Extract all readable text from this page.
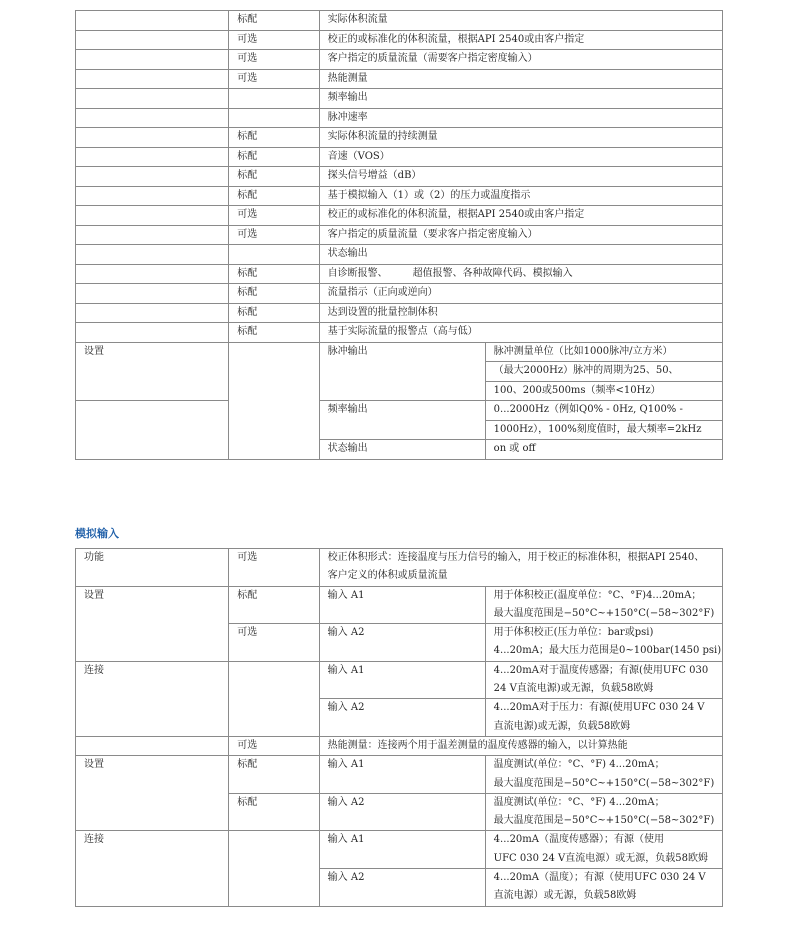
	标配	实际体积流量	
	可选	校正的或标准化的体积流量，根据API 2540或由客户指定	
	可选	客户指定的质量流量（需要客户指定密度输入）	
	可选	热能测量	
		频率输出	
		脉冲速率	
	标配	实际体积流量的持续测量	
	标配	音速（VOS）	
	标配	探头信号增益（dB）	
	标配	基于模拟输入（1）或（2）的压力或温度指示	
	可选	校正的或标准化的体积流量，根据API 2540或由客户指定	
	可选	客户指定的质量流量（要求客户指定密度输入）	
		状态输出	
	标配	自诊断报警、　　　超值报警、各种故障代码、模拟输入	
	标配	流量指示（正向或逆向）	
	标配	达到设置的批量控制体积	
	标配	基于实际流量的报警点（高与低）	
设置		脉冲输出	脉冲测量单位（比如1000脉冲/立方米）
			（最大2000Hz）脉冲的周期为25、50、
			100、200或500ms（频率<10Hz）
		频率输出	0...2000Hz（例如Q0% - 0Hz, Q100% -
			1000Hz），100%刻度值时，最大频率=2kHz
		状态输出	on 或 off
模拟输入
功能	可选	校正体积形式：连接温度与压力信号的输入，用于校正的标准体积，根据API 2540、
客户定义的体积或质量流量	

设置	标配	输入 A1	用于体积校正(温度单位：°C、°F)4...20mA；
最大温度范围是−50°C~+150°C(−58~302°F)

	可选	输入 A2	用于体积校正(压力单位：bar或psi)
4...20mA；最大压力范围是0~100bar(1450 psi)

连接		输入 A1	4...20mA对于温度传感器；有源(使用UFC 030
24 V直流电源)或无源，负载58欧姆

		输入 A2	4...20mA对于压力：有源(使用UFC 030 24 V
直流电源)或无源，负载58欧姆

	可选	热能测量：连接两个用于温差测量的温度传感器的输入，以计算热能	
设置	标配	输入 A1	温度测试(单位：°C、°F) 4...20mA；
最大温度范围是−50°C~+150°C(−58~302°F)

	标配	输入 A2	温度测试(单位：°C、°F) 4...20mA；
最大温度范围是−50°C~+150°C(−58~302°F)

连接		输入 A1	4...20mA（温度传感器）；有源（使用
UFC 030 24 V直流电源）或无源，负载58欧姆

		输入 A2	4...20mA（温度）；有源（使用UFC 030 24 V
直流电源）或无源，负载58欧姆
